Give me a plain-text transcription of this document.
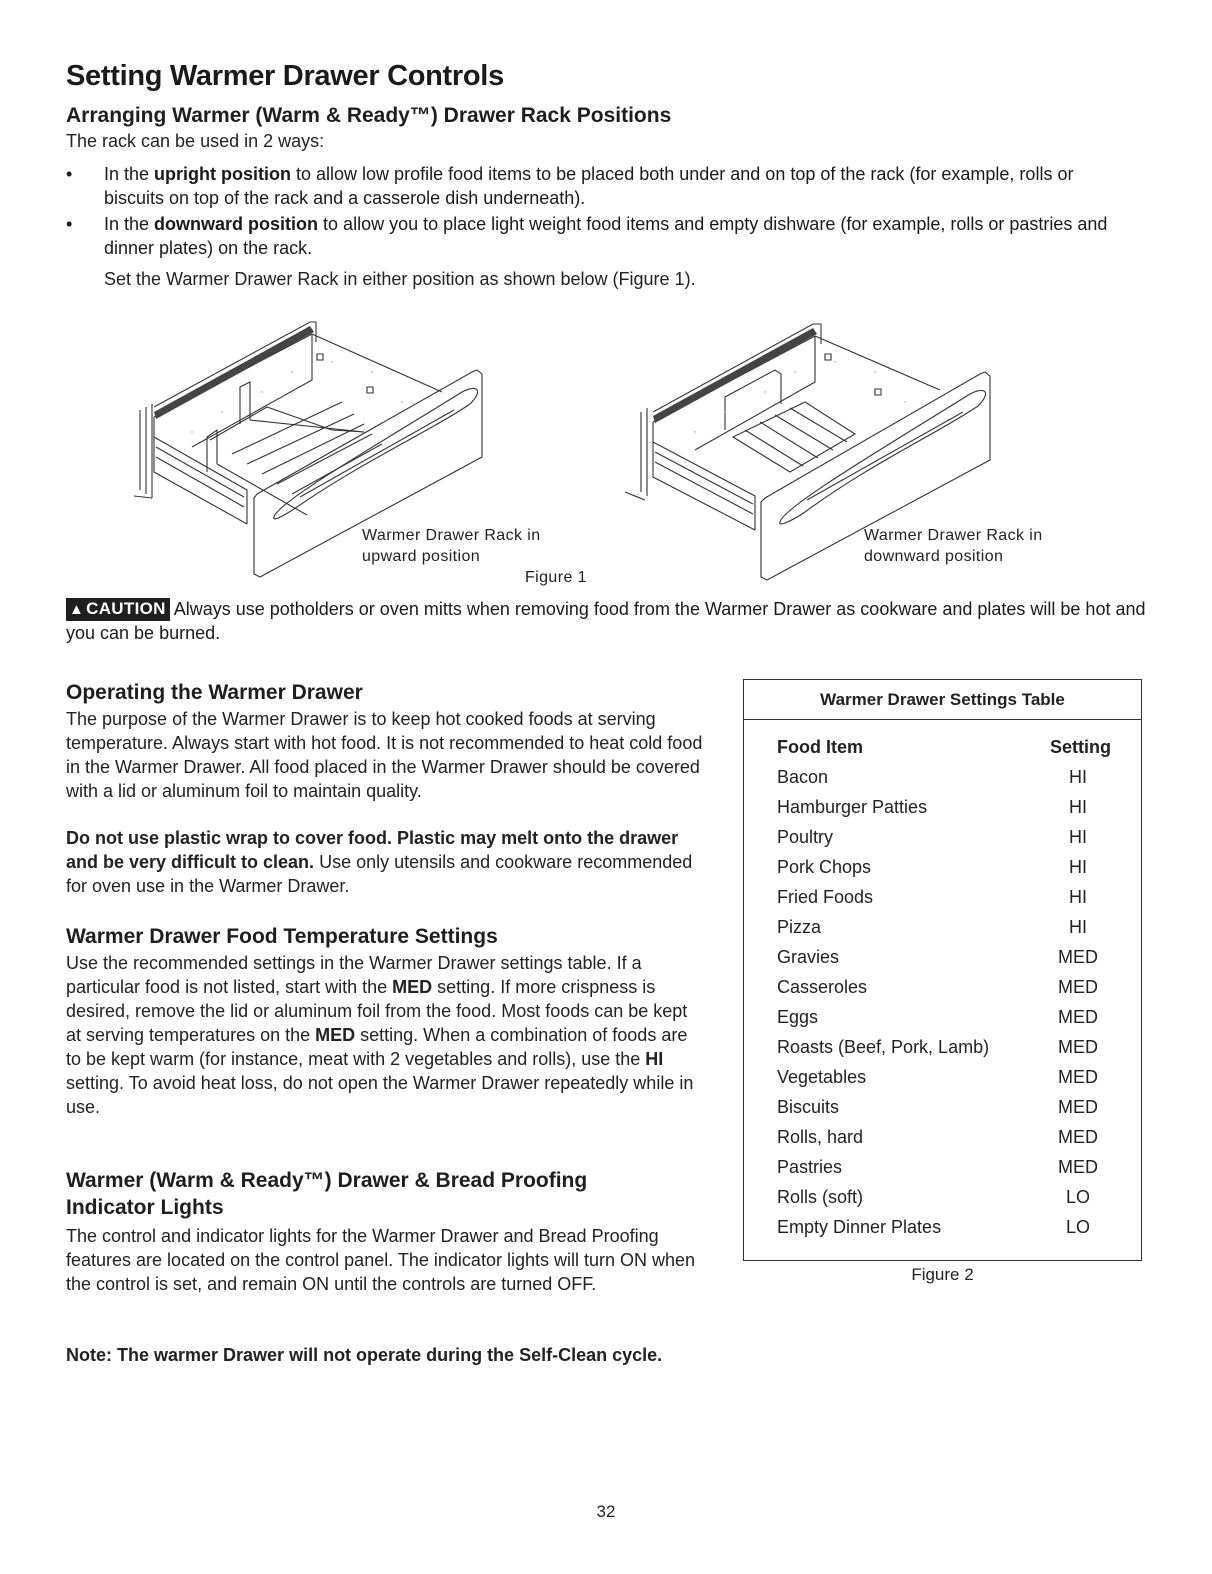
Setting Warmer Drawer Controls
Arranging Warmer (Warm & Ready™) Drawer Rack Positions
The rack can be used in 2 ways:
• In the upright position to allow low profile food items to be placed both under and on top of the rack (for example, rolls or biscuits on top of the rack and a casserole dish underneath).
• In the downward position to allow you to place light weight food items and empty dishware (for example, rolls or pastries and dinner plates) on the rack.
Set the Warmer Drawer Rack in either position as shown below (Figure 1).
Warmer Drawer Rack in
upward position
Figure 1
Warmer Drawer Rack in
downward position
▲ CAUTION Always use potholders or oven mitts when removing food from the Warmer Drawer as cookware and plates will be hot and you can be burned.
Operating the Warmer Drawer
The purpose of the Warmer Drawer is to keep hot cooked foods at serving temperature. Always start with hot food. It is not recommended to heat cold food in the Warmer Drawer. All food placed in the Warmer Drawer should be covered with a lid or aluminum foil to maintain quality.
Do not use plastic wrap to cover food. Plastic may melt onto the drawer and be very difficult to clean. Use only utensils and cookware recommended for oven use in the Warmer Drawer.
Warmer Drawer Food Temperature Settings
Use the recommended settings in the Warmer Drawer settings table. If a particular food is not listed, start with the MED setting. If more crispness is desired, remove the lid or aluminum foil from the food. Most foods can be kept at serving temperatures on the MED setting. When a combination of foods are to be kept warm (for instance, meat with 2 vegetables and rolls), use the HI setting. To avoid heat loss, do not open the Warmer Drawer repeatedly while in use.
Warmer (Warm & Ready™) Drawer & Bread Proofing
Indicator Lights
The control and indicator lights for the Warmer Drawer and Bread Proofing features are located on the control panel. The indicator lights will turn ON when the control is set, and remain ON until the controls are turned OFF.
Note: The warmer Drawer will not operate during the Self-Clean cycle.
Warmer Drawer Settings Table
Food Item	Setting
Bacon	HI
Hamburger Patties	HI
Poultry	HI
Pork Chops	HI
Fried Foods	HI
Pizza	HI
Gravies	MED
Casseroles	MED
Eggs	MED
Roasts (Beef, Pork, Lamb)	MED
Vegetables	MED
Biscuits	MED
Rolls, hard	MED
Pastries	MED
Rolls (soft)	LO
Empty Dinner Plates	LO
Figure 2
32
